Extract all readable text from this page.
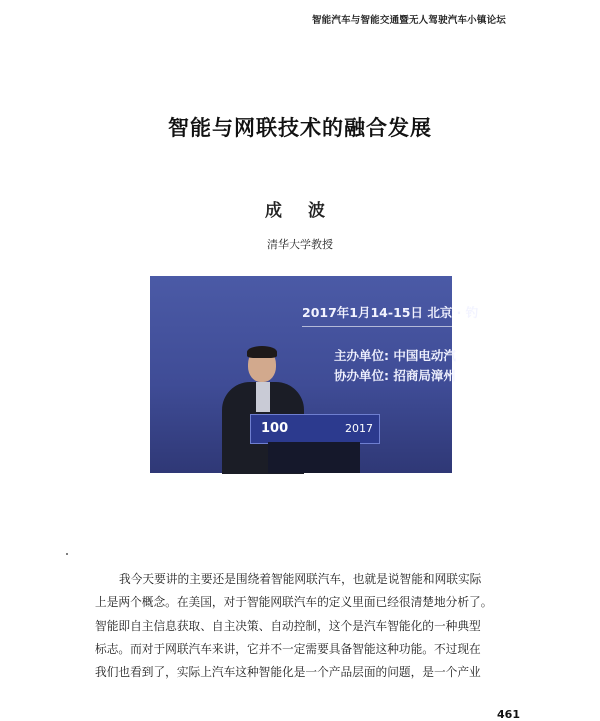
智能汽车与智能交通暨无人驾驶汽车小镇论坛
智能与网联技术的融合发展
成 波
清华大学教授
2017年1月14-15日 北京 · 钓
主办单位: 中国电动汽
协办单位: 招商局漳州
100	2017
我今天要讲的主要还是围绕着智能网联汽车，也就是说智能和网联实际
上是两个概念。在美国，对于智能网联汽车的定义里面已经很清楚地分析了。
智能即自主信息获取、自主决策、自动控制，这个是汽车智能化的一种典型
标志。而对于网联汽车来讲，它并不一定需要具备智能这种功能。不过现在
我们也看到了，实际上汽车这种智能化是一个产品层面的问题，是一个产业
461
